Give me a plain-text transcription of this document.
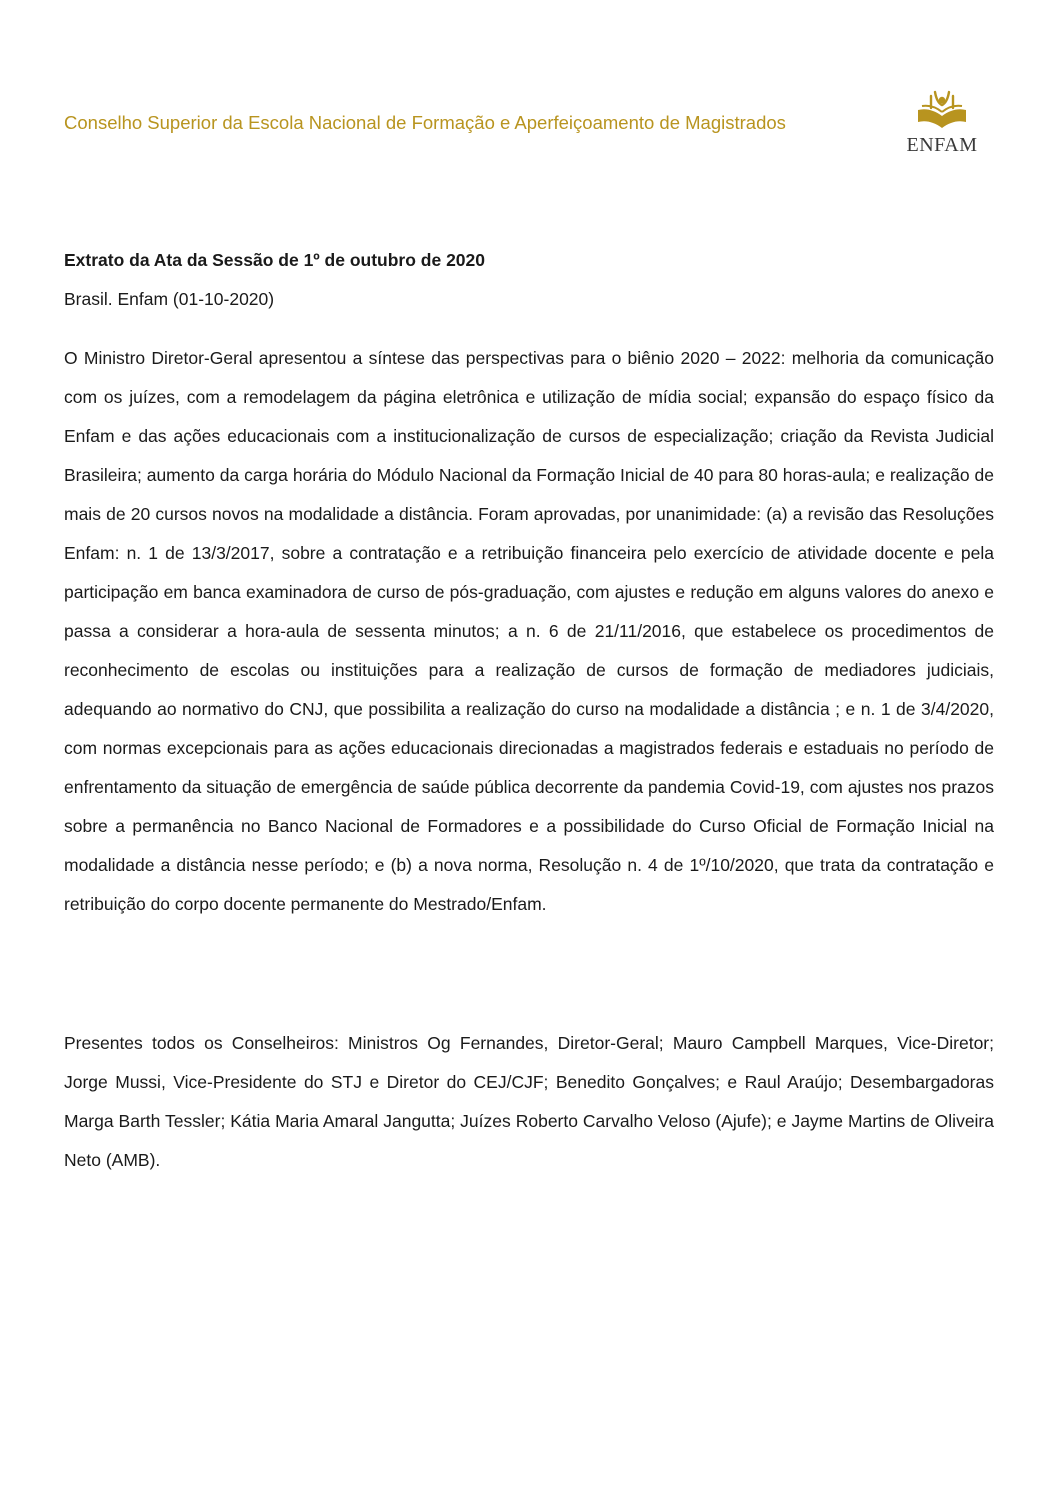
Conselho Superior da Escola Nacional de Formação e Aperfeiçoamento de Magistrados
ENFAM
Extrato da Ata da Sessão de 1º de outubro de 2020
Brasil. Enfam (01-10-2020)

O Ministro Diretor-Geral apresentou a síntese das perspectivas para o biênio 2020 – 2022: melhoria da comunicação com os juízes, com a remodelagem da página eletrônica e utilização de mídia social; expansão do espaço físico da Enfam e das ações educacionais com a institucionalização de cursos de especialização; criação da Revista Judicial Brasileira; aumento da carga horária do Módulo Nacional da Formação Inicial de 40 para 80 horas-aula; e realização de mais de 20 cursos novos na modalidade a distância. Foram aprovadas, por unanimidade: (a) a revisão das Resoluções Enfam: n. 1 de 13/3/2017, sobre a contratação e a retribuição financeira pelo exercício de atividade docente e pela participação em banca examinadora de curso de pós-graduação, com ajustes e redução em alguns valores do anexo e passa a considerar a hora-aula de sessenta minutos; a n. 6 de 21/11/2016, que estabelece os procedimentos de reconhecimento de escolas ou instituições para a realização de cursos de formação de mediadores judiciais, adequando ao normativo do CNJ, que possibilita a realização do curso na modalidade a distância ; e n. 1 de 3/4/2020, com normas excepcionais para as ações educacionais direcionadas a magistrados federais e estaduais no período de enfrentamento da situação de emergência de saúde pública decorrente da pandemia Covid-19, com ajustes nos prazos sobre a permanência no Banco Nacional de Formadores e a possibilidade do Curso Oficial de Formação Inicial na modalidade a distância nesse período; e (b) a nova norma, Resolução n. 4 de 1º/10/2020, que trata da contratação e retribuição do corpo docente permanente do Mestrado/Enfam.

Presentes todos os Conselheiros: Ministros Og Fernandes, Diretor-Geral; Mauro Campbell Marques, Vice-Diretor; Jorge Mussi, Vice-Presidente do STJ e Diretor do CEJ/CJF; Benedito Gonçalves; e Raul Araújo; Desembargadoras Marga Barth Tessler; Kátia Maria Amaral Jangutta; Juízes Roberto Carvalho Veloso (Ajufe); e Jayme Martins de Oliveira Neto (AMB).
